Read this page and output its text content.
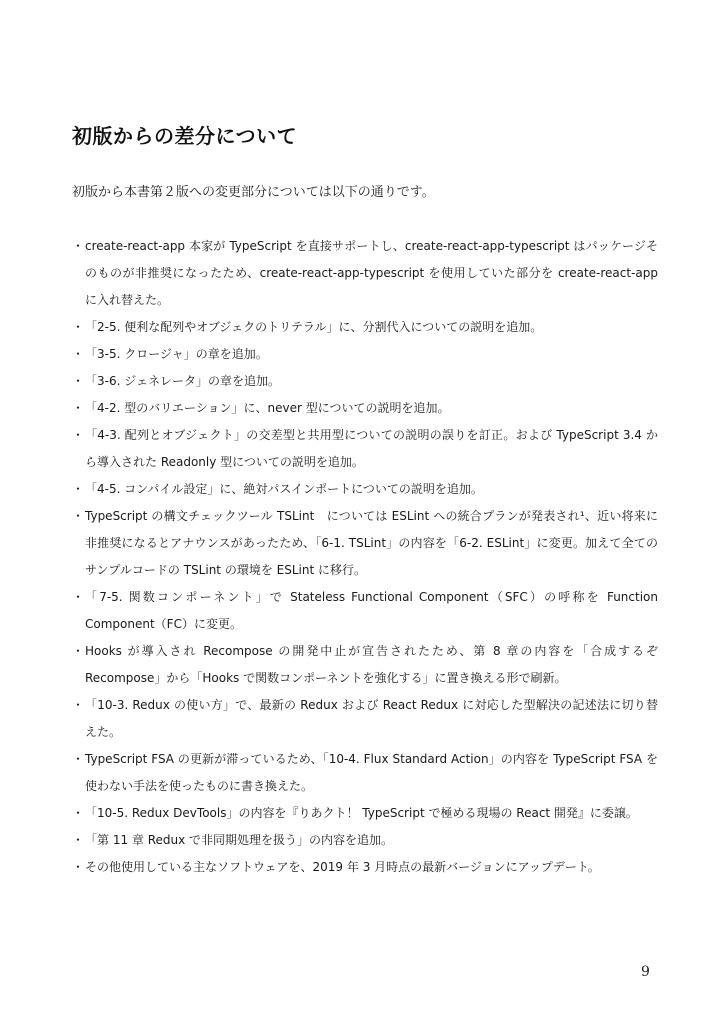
初版からの差分について

初版から本書第２版への変更部分については以下の通りです。

・ create-react-app 本家が TypeScript を直接サポートし、create-react-app-typescript はパッケージそのものが非推奨になったため、create-react-app-typescript を使用していた部分を create-react-app に入れ替えた。
・ 「2-5. 便利な配列やオブジェクのトリテラル」に、分割代入についての説明を追加。
・ 「3-5. クロージャ」の章を追加。
・ 「3-6. ジェネレータ」の章を追加。
・ 「4-2. 型のバリエーション」に、never 型についての説明を追加。
・ 「4-3. 配列とオブジェクト」の交差型と共用型についての説明の誤りを訂正。および TypeScript 3.4 から導入された Readonly 型についての説明を追加。
・ 「4-5. コンパイル設定」に、絶対パスインポートについての説明を追加。
・ TypeScript の構文チェックツール TSLint　については ESLint への統合プランが発表され¹、近い将来に非推奨になるとアナウンスがあったため、「6-1. TSLint」の内容を「6-2. ESLint」に変更。加えて全てのサンプルコードの TSLint の環境を ESLint に移行。
・ 「7-5. 関数コンポーネント」で Stateless Functional Component（SFC）の呼称を Function Component（FC）に変更。
・ Hooks が導入され Recompose の開発中止が宣告されたため、第 8 章の内容を「合成するぞ Recompose」から「Hooks で関数コンポーネントを強化する」に置き換える形で刷新。
・ 「10-3. Redux の使い方」で、最新の Redux および React Redux に対応した型解決の記述法に切り替えた。
・ TypeScript FSA の更新が滞っているため、「10-4. Flux Standard Action」の内容を TypeScript FSA を使わない手法を使ったものに書き換えた。
・ 「10-5. Redux DevTools」の内容を『りあクト！ TypeScript で極める現場の React 開発』に委譲。
・ 「第 11 章 Redux で非同期処理を扱う」の内容を追加。
・ その他使用している主なソフトウェアを、2019 年 3 月時点の最新バージョンにアップデート。

9
